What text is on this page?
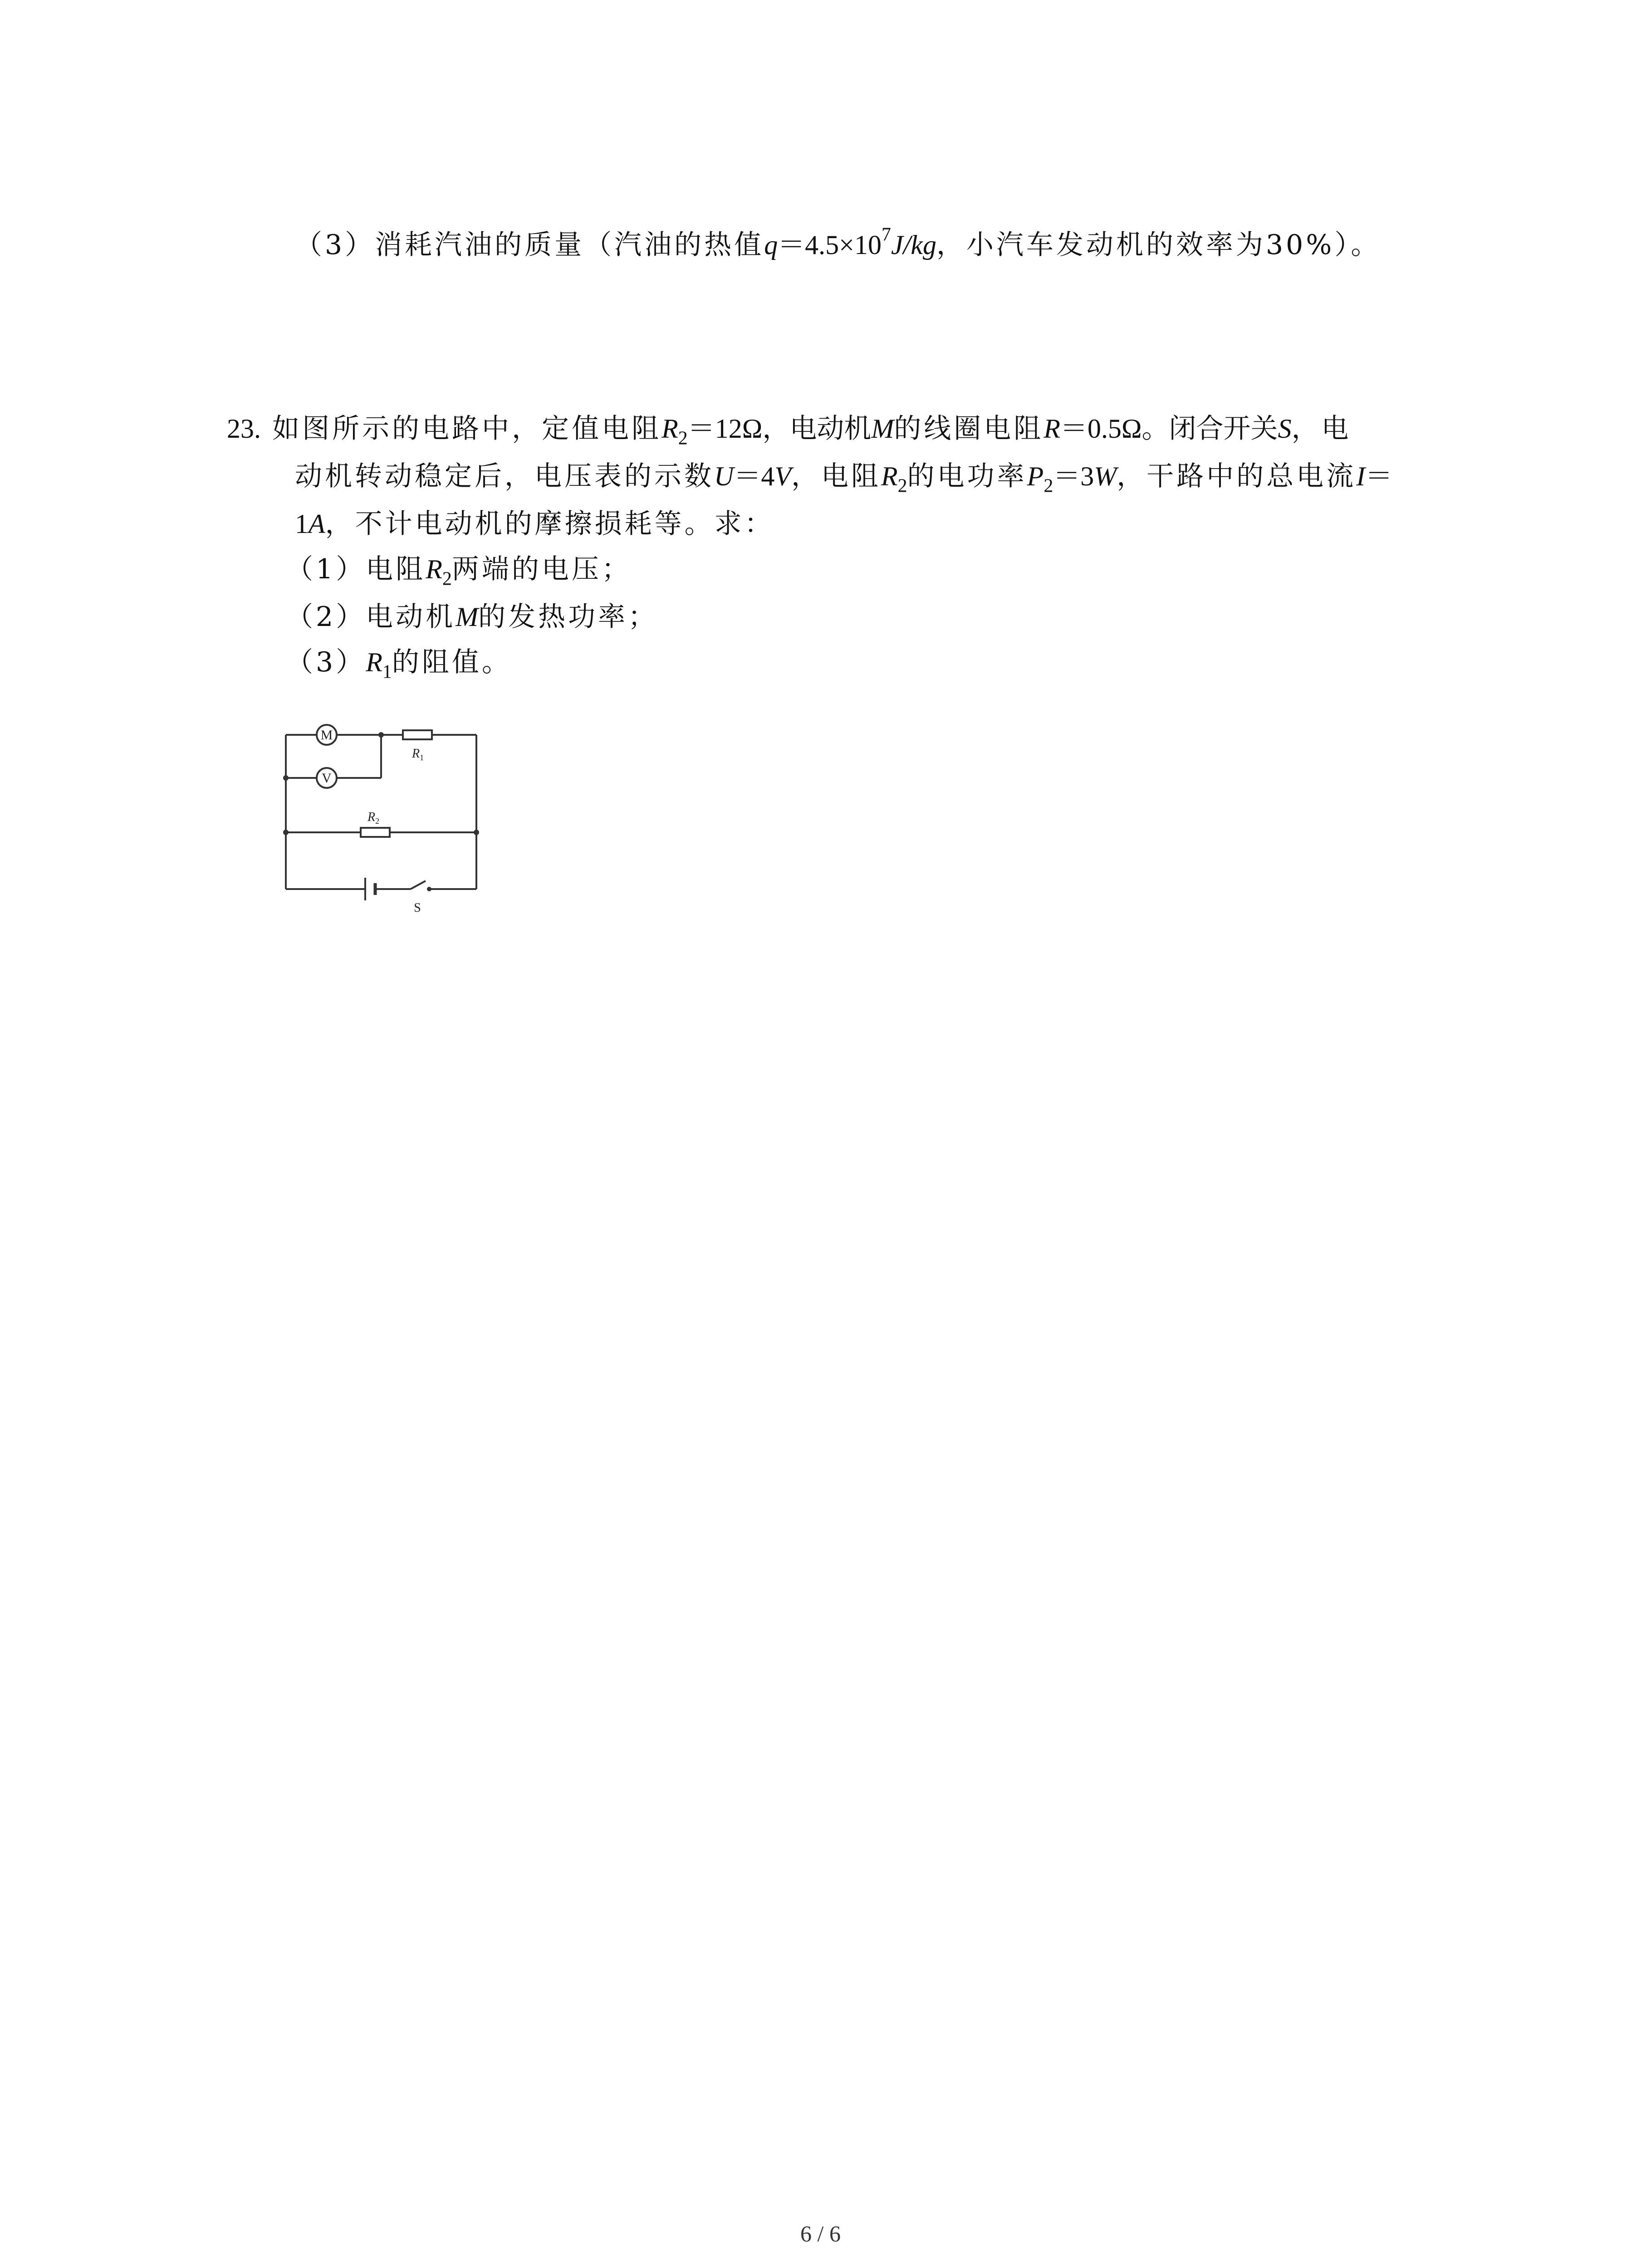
（3）消耗汽油的质量（汽油的热值$q=4.5\times 10^7J/kg$，小汽车发动机的效率为30%）。
23. 如图所示的电路中，定值电阻$R_2=12\Omega$，电动机M的线圈电阻R＝0.5Ω。闭合开关S，电
动机转动稳定后，电压表的示数U＝4V，电阻$R_2$的电功率$P_2=3W$，干路中的总电流I＝
1A，不计电动机的摩擦损耗等。求：
（1）电阻$R_2$两端的电压；
（2）电动机M的发热功率；
$(3)R_1$的阻值。
M
V
$R_1$
$R_2$
S
6 / 6
